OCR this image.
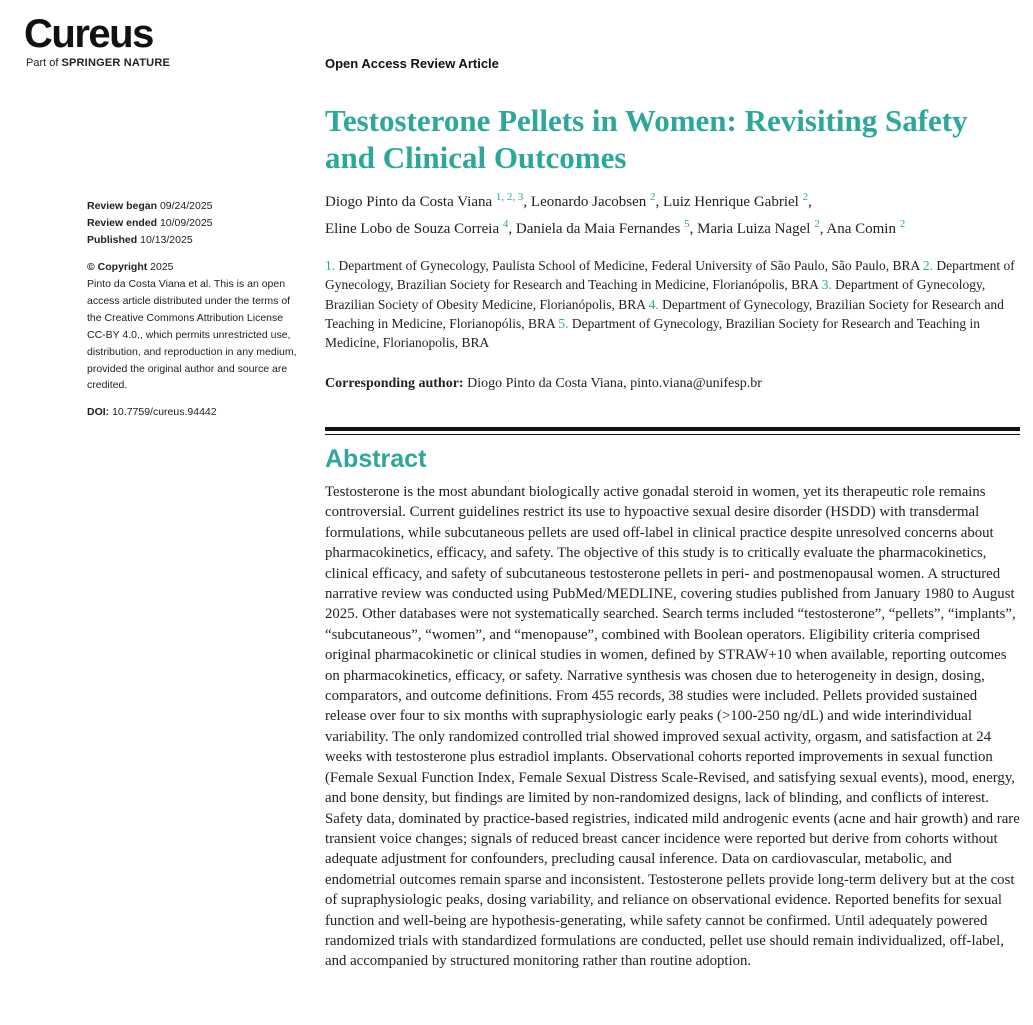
Cureus
Part of SPRINGER NATURE	Open Access Review Article
Testosterone Pellets in Women: Revisiting Safety and Clinical Outcomes
Diogo Pinto da Costa Viana $^{1, 2, 3}$, Leonardo Jacobsen $^2$, Luiz Henrique Gabriel $^2$,
Eline Lobo de Souza Correia $^4$, Daniela da Maia Fernandes $^5$, Maria Luiza Nagel $^2$, Ana Comin $^2$
1. Department of Gynecology, Paulista School of Medicine, Federal University of São Paulo, São Paulo, BRA 2. Department of Gynecology, Brazilian Society for Research and Teaching in Medicine, Florianópolis, BRA 3. Department of Gynecology, Brazilian Society of Obesity Medicine, Florianópolis, BRA 4. Department of Gynecology, Brazilian Society for Research and Teaching in Medicine, Florianopólis, BRA 5. Department of Gynecology, Brazilian Society for Research and Teaching in Medicine, Florianopolis, BRA
Corresponding author: Diogo Pinto da Costa Viana, pinto.viana@unifesp.br
Abstract

Testosterone is the most abundant biologically active gonadal steroid in women, yet its therapeutic role remains controversial. Current guidelines restrict its use to hypoactive sexual desire disorder (HSDD) with transdermal formulations, while subcutaneous pellets are used off-label in clinical practice despite unresolved concerns about pharmacokinetics, efficacy, and safety. The objective of this study is to critically evaluate the pharmacokinetics, clinical efficacy, and safety of subcutaneous testosterone pellets in peri- and postmenopausal women. A structured narrative review was conducted using PubMed/MEDLINE, covering studies published from January 1980 to August 2025. Other databases were not systematically searched. Search terms included “testosterone”, “pellets”, “implants”, “subcutaneous”, “women”, and “menopause”, combined with Boolean operators. Eligibility criteria comprised original pharmacokinetic or clinical studies in women, defined by STRAW+10 when available, reporting outcomes on pharmacokinetics, efficacy, or safety. Narrative synthesis was chosen due to heterogeneity in design, dosing, comparators, and outcome definitions. From 455 records, 38 studies were included. Pellets provided sustained release over four to six months with supraphysiologic early peaks (>100-250 ng/dL) and wide interindividual variability. The only randomized controlled trial showed improved sexual activity, orgasm, and satisfaction at 24 weeks with testosterone plus estradiol implants. Observational cohorts reported improvements in sexual function (Female Sexual Function Index, Female Sexual Distress Scale-Revised, and satisfying sexual events), mood, energy, and bone density, but findings are limited by non-randomized designs, lack of blinding, and conflicts of interest. Safety data, dominated by practice-based registries, indicated mild androgenic events (acne and hair growth) and rare transient voice changes; signals of reduced breast cancer incidence were reported but derive from cohorts without adequate adjustment for confounders, precluding causal inference. Data on cardiovascular, metabolic, and endometrial outcomes remain sparse and inconsistent. Testosterone pellets provide long-term delivery but at the cost of supraphysiologic peaks, dosing variability, and reliance on observational evidence. Reported benefits for sexual function and well-being are hypothesis-generating, while safety cannot be confirmed. Until adequately powered randomized trials with standardized formulations are conducted, pellet use should remain individualized, off-label, and accompanied by structured monitoring rather than routine adoption.

Review began 09/24/2025
Review ended 10/09/2025
Published 10/13/2025
© Copyright 2025
Pinto da Costa Viana et al. This is an open access article distributed under the terms of the Creative Commons Attribution License CC-BY 4.0., which permits unrestricted use, distribution, and reproduction in any medium, provided the original author and source are credited.
DOI: 10.7759/cureus.94442
